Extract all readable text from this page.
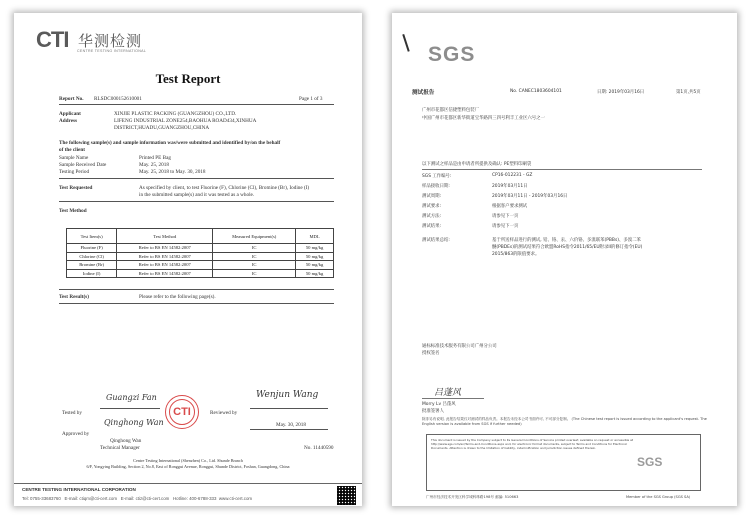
CTI 华测检测
CENTRE TESTING INTERNATIONAL
Test Report
Report No. RLSDC000152610001	Page 1 of 3
Applicant	XINJIE PLASTIC PACKING (GUANGZHOU) CO.,LTD.
Address	LIFENG INDUSTRIAL ZONE254,BAOHUA ROAD434,XINHUA
DISTRICT,HUADU,GUANGZHOU,CHINA
The following sample(s) and sample information was/were submitted and identified by/on the behalf
of the client
Sample Name	Printed PE Bag
Sample Received Date	May. 25, 2018
Testing Period	May. 25, 2018 to May. 30, 2018
Test Requested	As specified by client, to test Fluorine (F), Chlorine (Cl), Bromine (Br), Iodine (I)
in the submitted sample(s) and it was tested as a whole.
Test Method
Test Item(s)	Test Method	Measured Equipment(s)	MDL
Fluorine (F)	Refer to BS EN 14582:2007	IC	50 mg/kg
Chlorine (Cl)	Refer to BS EN 14582:2007	IC	50 mg/kg
Bromine (Br)	Refer to BS EN 14582:2007	IC	50 mg/kg
Iodine (I)	Refer to BS EN 14582:2007	IC	50 mg/kg
Test Result(s)	Please refer to the following page(s).
Tested by
Guangzi Fan
Reviewed by
Wenjun Wang
Approved by
Qinghong Wan
CTI
May. 30, 2018
Qinghong Wan
Technical Manager	No. 11440590
Centre Testing International (Shenzhen) Co., Ltd. Shunde Branch
6/F, Yongying Building, Section 2, No.8, East of Ronggui Avenue, Ronggui, Shunde District, Foshan, Guangdong, China
CENTRE TESTING INTERNATIONAL CORPORATION
Tel: 0755-33683760 E-mail: ctiqm@cti-cert.com E-mail: ctiz@cti-cert.com Hotline: 400-6788-333 www.cti-cert.com
SGS
测试报告	No. CANEC1803604101	日期: 2019年03月16日	第1页,共5页
广州市花都区信捷塑料包装厂
中国广州市花都区新华街道宝华路四三四号利丰工业区六号之一
以下测试之样品是由申请者所提供及确认: PE塑料印刷袋
SGS 工作编号:	CP16-012231 - GZ
样品接收日期:	2019年03月11日
测试周期:	2019年03月11日 - 2019年03月16日
测试要求:	根据客户要求测试
测试方法:	请参见下一页
测试结果:	请参见下一页
测试结果总结:	基于所送样品进行的测试, 铅、铬、汞、六价铬、多溴联苯(PBBs)、多溴二苯
醚(PBDEs)的测试结果符合欧盟RoHS指令2011/65/EU附录II的修订指令(EU)
2015/863的限值要求。
通标标准技术服务有限公司广州分公司
授权签名
吕蓬风
Morry Lv 吕蓬风
批准签署人
除非另有说明, 此报告结果仅对测试的样品负责。本报告未经本公司书面许可, 不可部分复制。 (The Chinese test report is issued according to the applicant's request. The English version is available from SGS if further needed)
This document is issued by the Company subject to its General Conditions of Service printed overleaf, available on request or accessible at http://www.sgs.com/en/Terms-and-Conditions.aspx and, for electronic format documents, subject to Terms and Conditions for Electronic Documents. Attention is drawn to the limitation of liability, indemnification and jurisdiction issues defined therein.
SGS
广州市经济技术开发区科学城科珠路198号 邮编: 510663	Member of the SGS Group (SGS SA)
